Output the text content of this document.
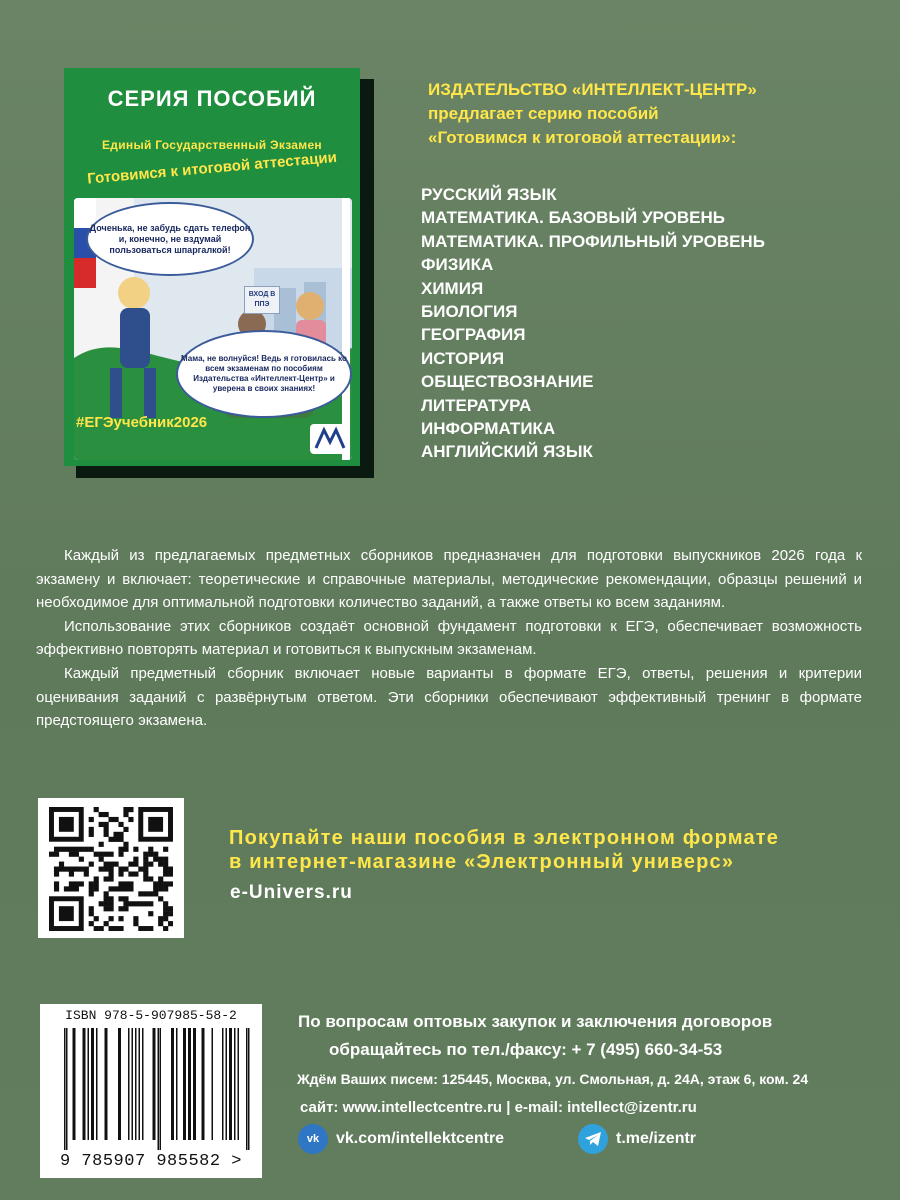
СЕРИЯ ПОСОБИЙ
Единый Государственный Экзамен
Готовимся к итоговой аттестации
Доченька, не забудь сдать телефон и, конечно, не вздумай пользоваться шпаргалкой!
ВХОД В ППЭ
Мама, не волнуйся! Ведь я готовилась ко всем экзаменам по пособиям Издательства «Интеллект-Центр» и уверена в своих знаниях!
#ЕГЭучебник2026
ИЗДАТЕЛЬСТВО «ИНТЕЛЛЕКТ-ЦЕНТР»
предлагает серию пособий
«Готовимся к итоговой аттестации»:
РУССКИЙ ЯЗЫК
МАТЕМАТИКА. БАЗОВЫЙ УРОВЕНЬ
МАТЕМАТИКА. ПРОФИЛЬНЫЙ УРОВЕНЬ
ФИЗИКА
ХИМИЯ
БИОЛОГИЯ
ГЕОГРАФИЯ
ИСТОРИЯ
ОБЩЕСТВОЗНАНИЕ
ЛИТЕРАТУРА
ИНФОРМАТИКА
АНГЛИЙСКИЙ ЯЗЫК

Каждый из предлагаемых предметных сборников предназначен для подготовки выпускников 2026 года к экзамену и включает: теоретические и справочные материалы, методические рекомендации, образцы решений и необходимое для оптимальной подготовки количество заданий, а также ответы ко всем заданиям.

Использование этих сборников создаёт основной фундамент подготовки к ЕГЭ, обеспечивает возможность эффективно повторять материал и готовиться к выпускным экзаменам.

Каждый предметный сборник включает новые варианты в формате ЕГЭ, ответы, решения и критерии оценивания заданий с развёрнутым ответом. Эти сборники обеспечивают эффективный тренинг в формате предстоящего экзамена.

Покупайте наши пособия в электронном формате
в интернет-магазине «Электронный универс»
e-Univers.ru
ISBN 978-5-907985-58-2
9 785907 985582 >
По вопросам оптовых закупок и заключения договоров
обращайтесь по тел./факсу: + 7 (495) 660-34-53
Ждём Ваших писем: 125445, Москва, ул. Смольная, д. 24А, этаж 6, ком. 24
сайт: www.intellectcentre.ru | e-mail: intellect@izentr.ru
vk	vk.com/intellektcentre	t.me/izentr
